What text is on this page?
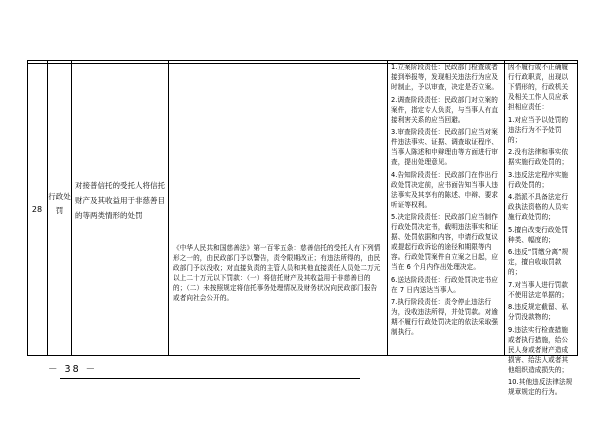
28
行政处罚
对接普信托的受托人将信托财产及其收益用于非慈善目的等两类情形的处罚
《中华人民共和国慈善法》第一百零五条：慈善信托的受托人有下列情形之一的，由民政部门予以警告，责令限期改正；有违法所得的，由民政部门予以没收；对直接负责的主管人员和其他直接责任人员处二万元以上二十万元以下罚款：（一）将信托财产及其收益用于非慈善目的的；（二）未按照规定将信托事务处理情况及财务状况向民政部门报告或者向社会公开的。

1.立案阶段责任：民政部门检查或者接到举报等，发现相关违法行为应及时制止，予以审查，决定是否立案。

2.调查阶段责任：民政部门对立案的案件，指定专人负责，与当事人有直接利害关系的应当回避。

3.审查阶段责任：民政部门应当对案件违法事实、证据、调查取证程序、当事人陈述和申辩理由等方面进行审查，提出处理意见。

4.告知阶段责任：民政部门在作出行政处罚决定前，应书面告知当事人违法事实及其享有的陈述、申辩、要求听证等权利。

5.决定阶段责任：民政部门应当制作行政处罚决定书，载明违法事实和证据、处罚依据和内容，申请行政复议或提起行政诉讼的途径和期限等内容。行政处罚案件自立案之日起，应当在 6 个月内作出处理决定。

6.送达阶段责任：行政处罚决定书应在 7 日内送达当事人。

7.执行阶段责任：责令停止违法行为，没收违法所得，并处罚款。对逾期不履行行政处罚决定的依法采取强制执行。

因不履行或不正确履行行政职责，出现以下情形的，行政机关及相关工作人员应承担相应责任：

1.对应当予以处罚的违法行为不予处罚的；

2.没有法律和事实依据实施行政处罚的；

3.违反法定程序实施行政处罚的；

4.指派不具备法定行政执法资格的人员实施行政处罚的；

5.擅自改变行政处罚种类、幅度的；

6.违反“罚缴分离”规定，擅自收取罚款的；

7.对当事人进行罚款不使用法定单据的；

8.违反规定截留、私分罚没款物的；

9.违法实行检查措施或者执行措施，给公民人身或者财产造成损害、给法人或者其他组织造成损失的；

10.其他违反法律法规规章规定的行为。

－ 38 －
